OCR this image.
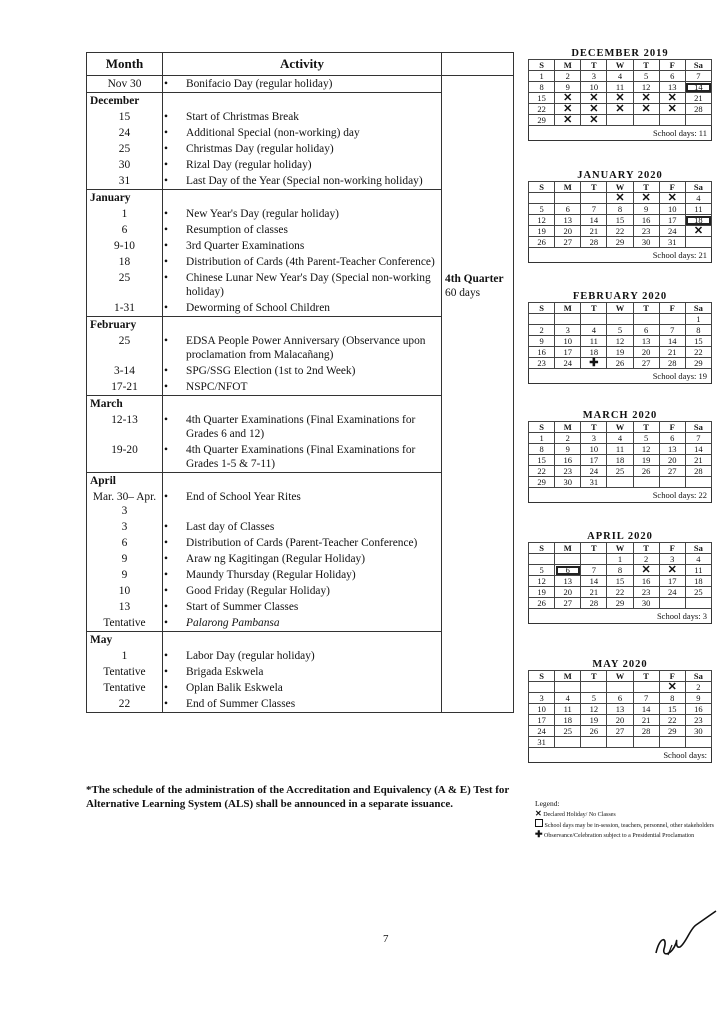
Month	Activity	
Nov 30	• Bonifacio Day (regular holiday)	4th Quarter
60 days

December		
15	• Start of Christmas Break	

24	• Additional Special (non-working) day	

25	• Christmas Day (regular holiday)	

30	• Rizal Day (regular holiday)	

31	• Last Day of the Year (Special non-working holiday)	

January		
1	• New Year's Day (regular holiday)	

6	• Resumption of classes	

9-10	• 3rd Quarter Examinations	

18	• Distribution of Cards (4th Parent-Teacher Conference)	

25	• Chinese Lunar New Year's Day (Special non-working holiday)	

1-31	• Deworming of School Children	

February		
25	• EDSA People Power Anniversary (Observance upon proclamation from Malacañang)	

3-14	• SPG/SSG Election (1st to 2nd Week)	

17-21	• NSPC/NFOT	

March		
12-13	• 4th Quarter Examinations (Final Examinations for Grades 6 and 12)	

19-20	• 4th Quarter Examinations (Final Examinations for Grades 1-5 & 7-11)	

April		
Mar. 30– Apr. 3	• End of School Year Rites	

3	• Last day of Classes	

6	• Distribution of Cards (Parent-Teacher Conference)	

9	• Araw ng Kagitingan (Regular Holiday)	

9	• Maundy Thursday (Regular Holiday)	

10	• Good Friday (Regular Holiday)	

13	• Start of Summer Classes	

Tentative	• Palarong Pambansa	

May		
1	• Labor Day (regular holiday)	

Tentative	• Brigada Eskwela	

Tentative	• Oplan Balik Eskwela	

22	• End of Summer Classes	
DECEMBER 2019
S	M	T	W	T	F	Sa
1	2	3	4	5	6	7
8	9	10	11	12	13	14
15	✕	✕	✕	✕	✕	21
22	✕	✕	✕	✕	✕	28
29	✕	✕				
School days: 11
JANUARY 2020
S	M	T	W	T	F	Sa
			✕	✕	✕	4
5	6	7	8	9	10	11
12	13	14	15	16	17	18
19	20	21	22	23	24	✕
26	27	28	29	30	31	
School days: 21
FEBRUARY 2020
S	M	T	W	T	F	Sa
						1
2	3	4	5	6	7	8
9	10	11	12	13	14	15
16	17	18	19	20	21	22
23	24	✚	26	27	28	29
School days: 19
MARCH 2020
S	M	T	W	T	F	Sa
1	2	3	4	5	6	7
8	9	10	11	12	13	14
15	16	17	18	19	20	21
22	23	24	25	26	27	28
29	30	31				
School days: 22
APRIL 2020
S	M	T	W	T	F	Sa
			1	2	3	4
5	6	7	8	✕	✕	11
12	13	14	15	16	17	18
19	20	21	22	23	24	25
26	27	28	29	30		
School days: 3
MAY 2020
S	M	T	W	T	F	Sa
					✕	2
3	4	5	6	7	8	9
10	11	12	13	14	15	16
17	18	19	20	21	22	23
24	25	26	27	28	29	30
31						
School days:
*The schedule of the administration of the Accreditation and Equivalency (A & E) Test for Alternative Learning System (ALS) shall be announced in a separate issuance.	Legend:
✕ Declared Holiday/ No Classes
School days may be in-session, teachers, personnel, other stakeholders
✚ Observance/Celebration subject to a Presidential Proclamation
7
